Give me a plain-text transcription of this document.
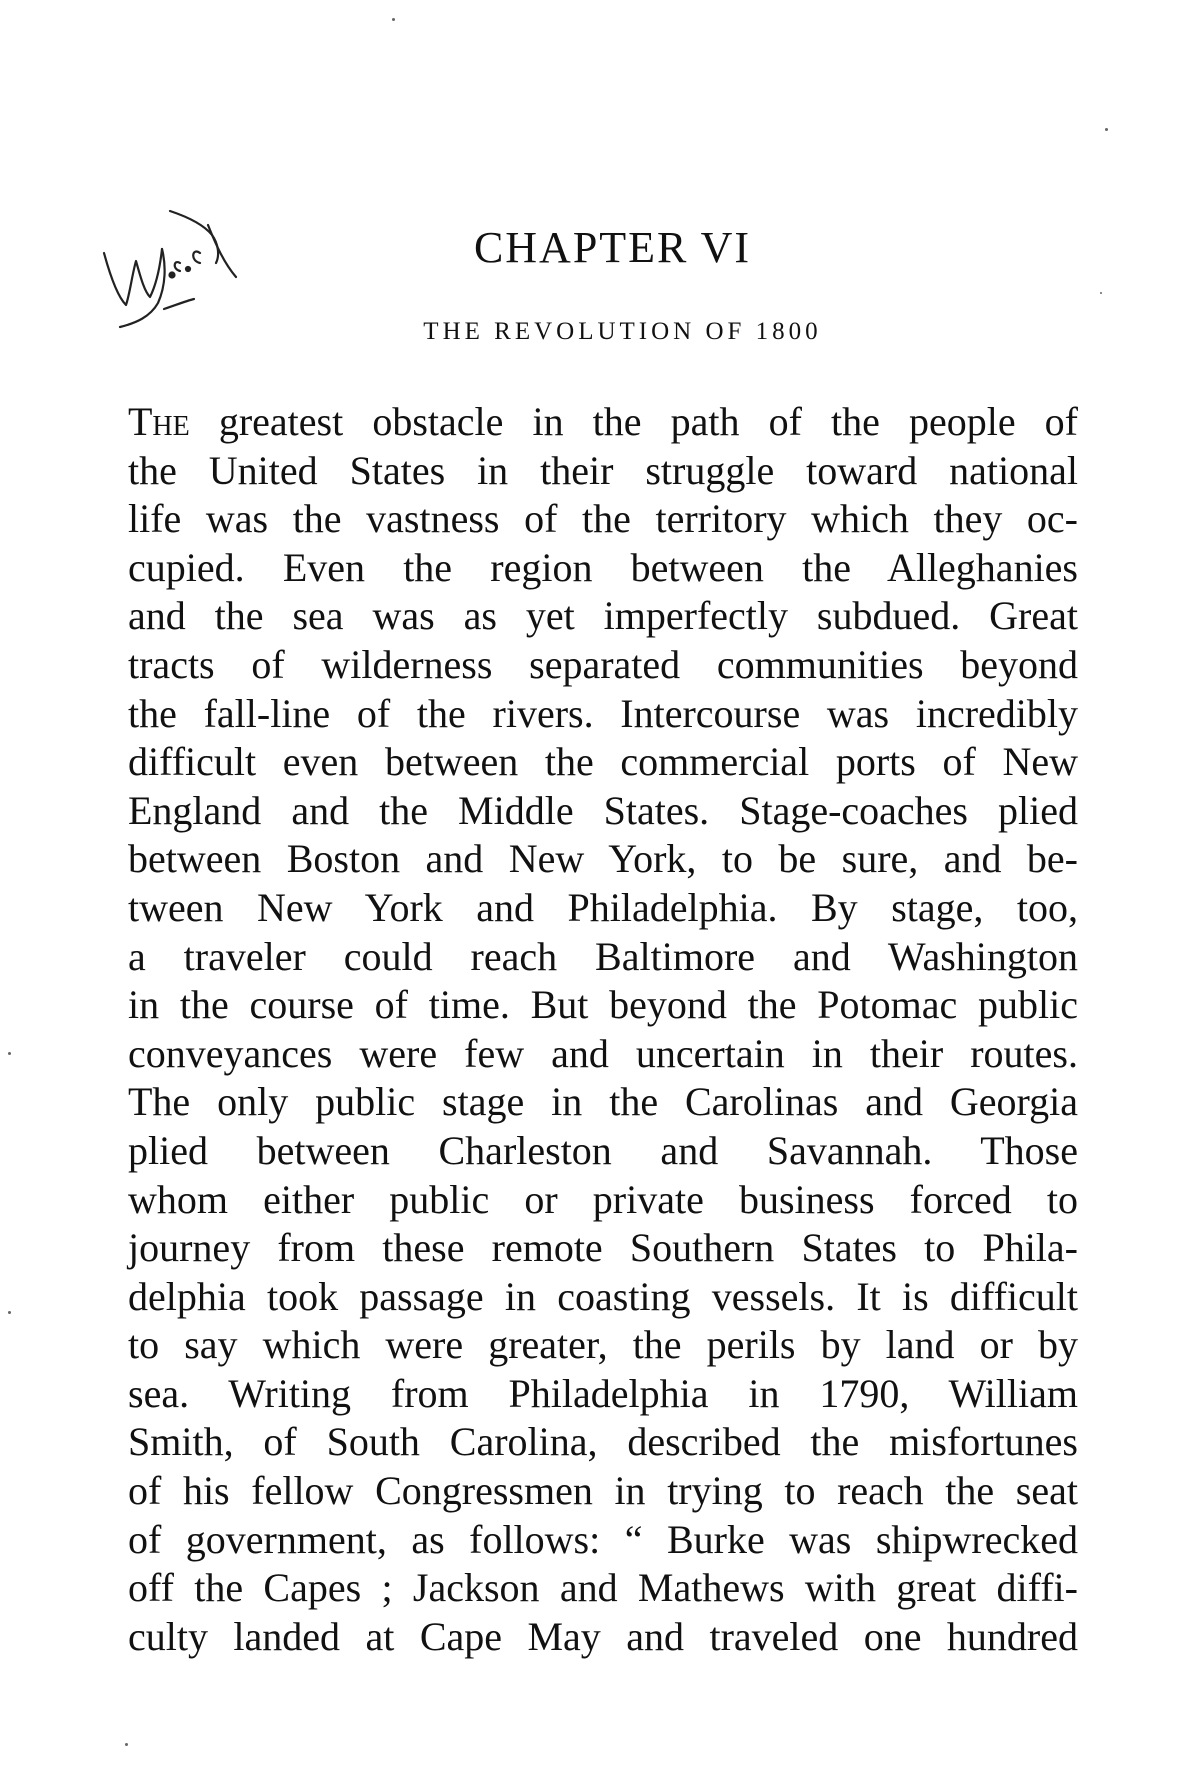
CHAPTER VI
THE REVOLUTION OF 1800
The greatest obstacle in the path of the people of
the United States in their struggle toward national
life was the vastness of the territory which they oc-
cupied. Even the region between the Alleghanies
and the sea was as yet imperfectly subdued. Great
tracts of wilderness separated communities beyond
the fall-line of the rivers. Intercourse was incredibly
difficult even between the commercial ports of New
England and the Middle States. Stage-coaches plied
between Boston and New York, to be sure, and be-
tween New York and Philadelphia. By stage, too,
a traveler could reach Baltimore and Washington
in the course of time. But beyond the Potomac public
conveyances were few and uncertain in their routes.
The only public stage in the Carolinas and Georgia
plied between Charleston and Savannah. Those
whom either public or private business forced to
journey from these remote Southern States to Phila-
delphia took passage in coasting vessels. It is difficult
to say which were greater, the perils by land or by
sea. Writing from Philadelphia in 1790, William
Smith, of South Carolina, described the misfortunes
of his fellow Congressmen in trying to reach the seat
of government, as follows: “ Burke was shipwrecked
off the Capes ; Jackson and Mathews with great diffi-
culty landed at Cape May and traveled one hundred
